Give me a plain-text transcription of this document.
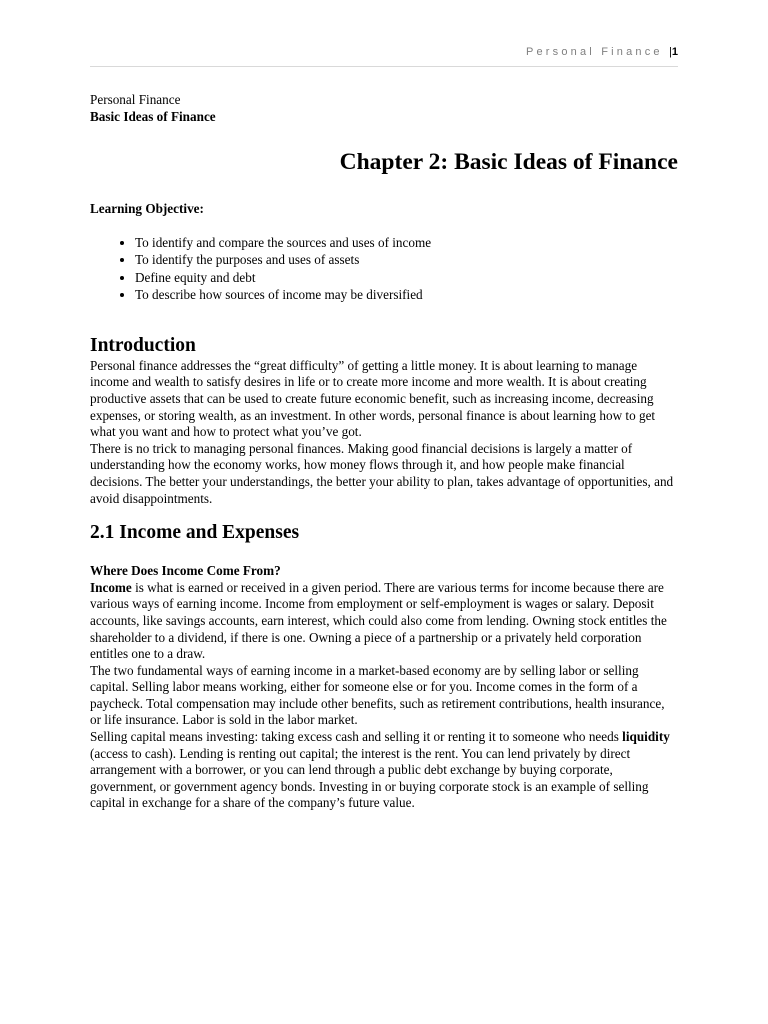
Personal Finance |1

Personal Finance

Basic Ideas of Finance

Chapter 2: Basic Ideas of Finance

Learning Objective:

• To identify and compare the sources and uses of income
• To identify the purposes and uses of assets
• Define equity and debt
• To describe how sources of income may be diversified
Introduction

Personal finance addresses the “great difficulty” of getting a little money. It is about learning to manage income and wealth to satisfy desires in life or to create more income and more wealth. It is about creating productive assets that can be used to create future economic benefit, such as increasing income, decreasing expenses, or storing wealth, as an investment. In other words, personal finance is about learning how to get what you want and how to protect what you’ve got.

There is no trick to managing personal finances. Making good financial decisions is largely a matter of understanding how the economy works, how money flows through it, and how people make financial decisions. The better your understandings, the better your ability to plan, takes advantage of opportunities, and avoid disappointments.

2.1 Income and Expenses

Where Does Income Come From?

Income is what is earned or received in a given period. There are various terms for income because there are various ways of earning income. Income from employment or self-employment is wages or salary. Deposit accounts, like savings accounts, earn interest, which could also come from lending. Owning stock entitles the shareholder to a dividend, if there is one. Owning a piece of a partnership or a privately held corporation entitles one to a draw.

The two fundamental ways of earning income in a market-based economy are by selling labor or selling capital. Selling labor means working, either for someone else or for you. Income comes in the form of a paycheck. Total compensation may include other benefits, such as retirement contributions, health insurance, or life insurance. Labor is sold in the labor market.

Selling capital means investing: taking excess cash and selling it or renting it to someone who needs liquidity (access to cash). Lending is renting out capital; the interest is the rent. You can lend privately by direct arrangement with a borrower, or you can lend through a public debt exchange by buying corporate, government, or government agency bonds. Investing in or buying corporate stock is an example of selling capital in exchange for a share of the company’s future value.
